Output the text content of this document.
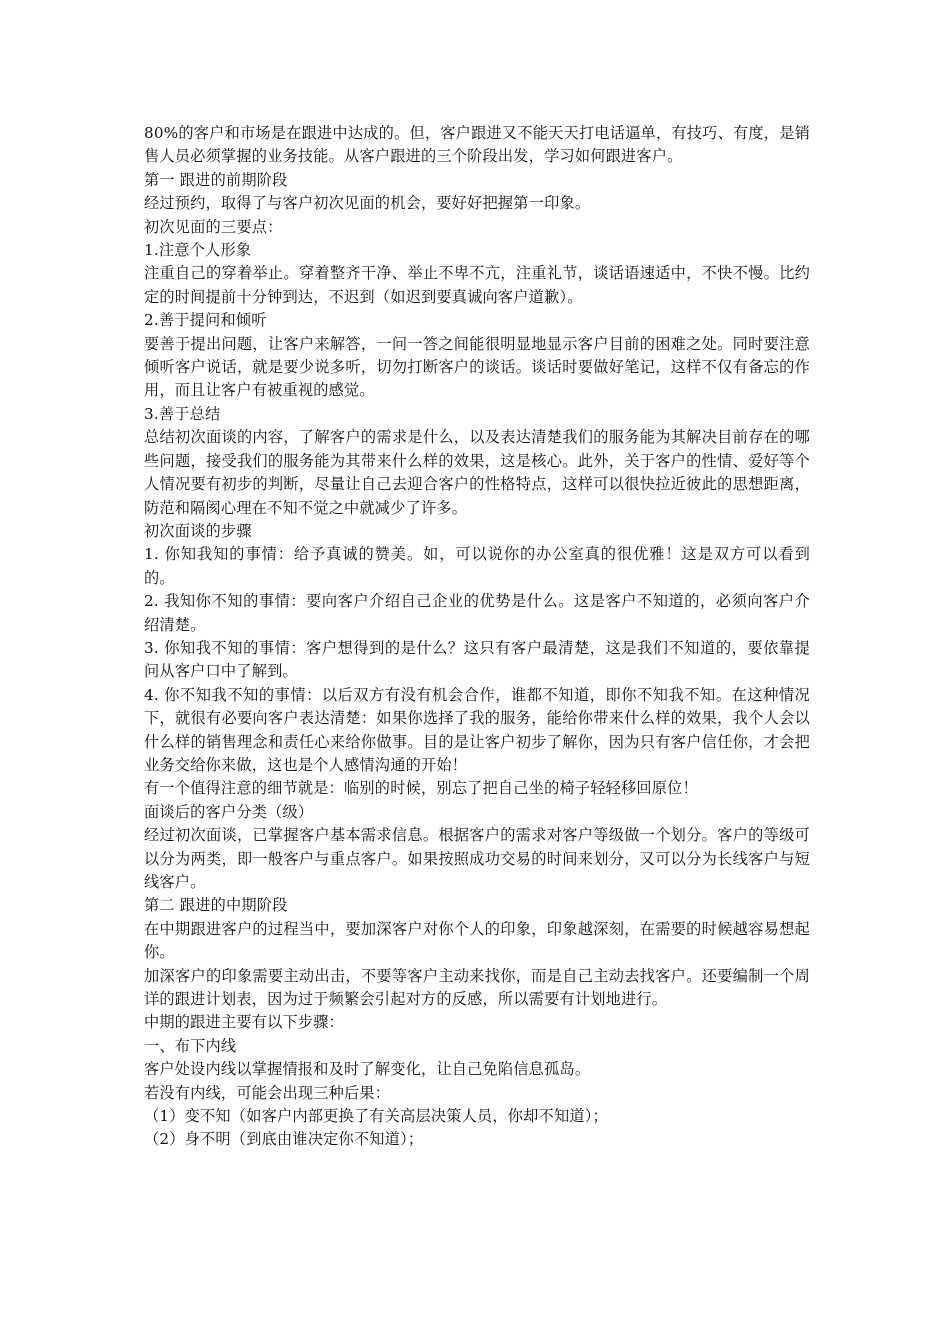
80%的客户和市场是在跟进中达成的。但，客户跟进又不能天天打电话逼单，有技巧、有度，是销售人员必须掌握的业务技能。从客户跟进的三个阶段出发，学习如何跟进客户。

第一 跟进的前期阶段

经过预约，取得了与客户初次见面的机会，要好好把握第一印象。

初次见面的三要点：

1.注意个人形象

注重自己的穿着举止。穿着整齐干净、举止不卑不亢，注重礼节，谈话语速适中，不快不慢。比约定的时间提前十分钟到达，不迟到（如迟到要真诚向客户道歉）。

2.善于提问和倾听

要善于提出问题，让客户来解答，一问一答之间能很明显地显示客户目前的困难之处。同时要注意倾听客户说话，就是要少说多听，切勿打断客户的谈话。谈话时要做好笔记，这样不仅有备忘的作用，而且让客户有被重视的感觉。

3.善于总结

总结初次面谈的内容，了解客户的需求是什么，以及表达清楚我们的服务能为其解决目前存在的哪些问题，接受我们的服务能为其带来什么样的效果，这是核心。此外，关于客户的性情、爱好等个人情况要有初步的判断，尽量让自己去迎合客户的性格特点，这样可以很快拉近彼此的思想距离，防范和隔阂心理在不知不觉之中就减少了许多。

初次面谈的步骤

1. 你知我知的事情：给予真诚的赞美。如，可以说你的办公室真的很优雅！这是双方可以看到的。

2. 我知你不知的事情：要向客户介绍自己企业的优势是什么。这是客户不知道的，必须向客户介绍清楚。

3. 你知我不知的事情：客户想得到的是什么？这只有客户最清楚，这是我们不知道的，要依靠提问从客户口中了解到。

4. 你不知我不知的事情：以后双方有没有机会合作，谁都不知道，即你不知我不知。在这种情况下，就很有必要向客户表达清楚：如果你选择了我的服务，能给你带来什么样的效果，我个人会以什么样的销售理念和责任心来给你做事。目的是让客户初步了解你，因为只有客户信任你，才会把业务交给你来做，这也是个人感情沟通的开始！

有一个值得注意的细节就是：临别的时候，别忘了把自己坐的椅子轻轻移回原位！

面谈后的客户分类（级）

经过初次面谈，已掌握客户基本需求信息。根据客户的需求对客户等级做一个划分。客户的等级可以分为两类，即一般客户与重点客户。如果按照成功交易的时间来划分，又可以分为长线客户与短线客户。

第二 跟进的中期阶段

在中期跟进客户的过程当中，要加深客户对你个人的印象，印象越深刻，在需要的时候越容易想起你。

加深客户的印象需要主动出击，不要等客户主动来找你，而是自己主动去找客户。还要编制一个周详的跟进计划表，因为过于频繁会引起对方的反感，所以需要有计划地进行。

中期的跟进主要有以下步骤：

一、布下内线

客户处设内线以掌握情报和及时了解变化，让自己免陷信息孤岛。

若没有内线，可能会出现三种后果：

（1）变不知（如客户内部更换了有关高层决策人员，你却不知道）；

（2）身不明（到底由谁决定你不知道）；
